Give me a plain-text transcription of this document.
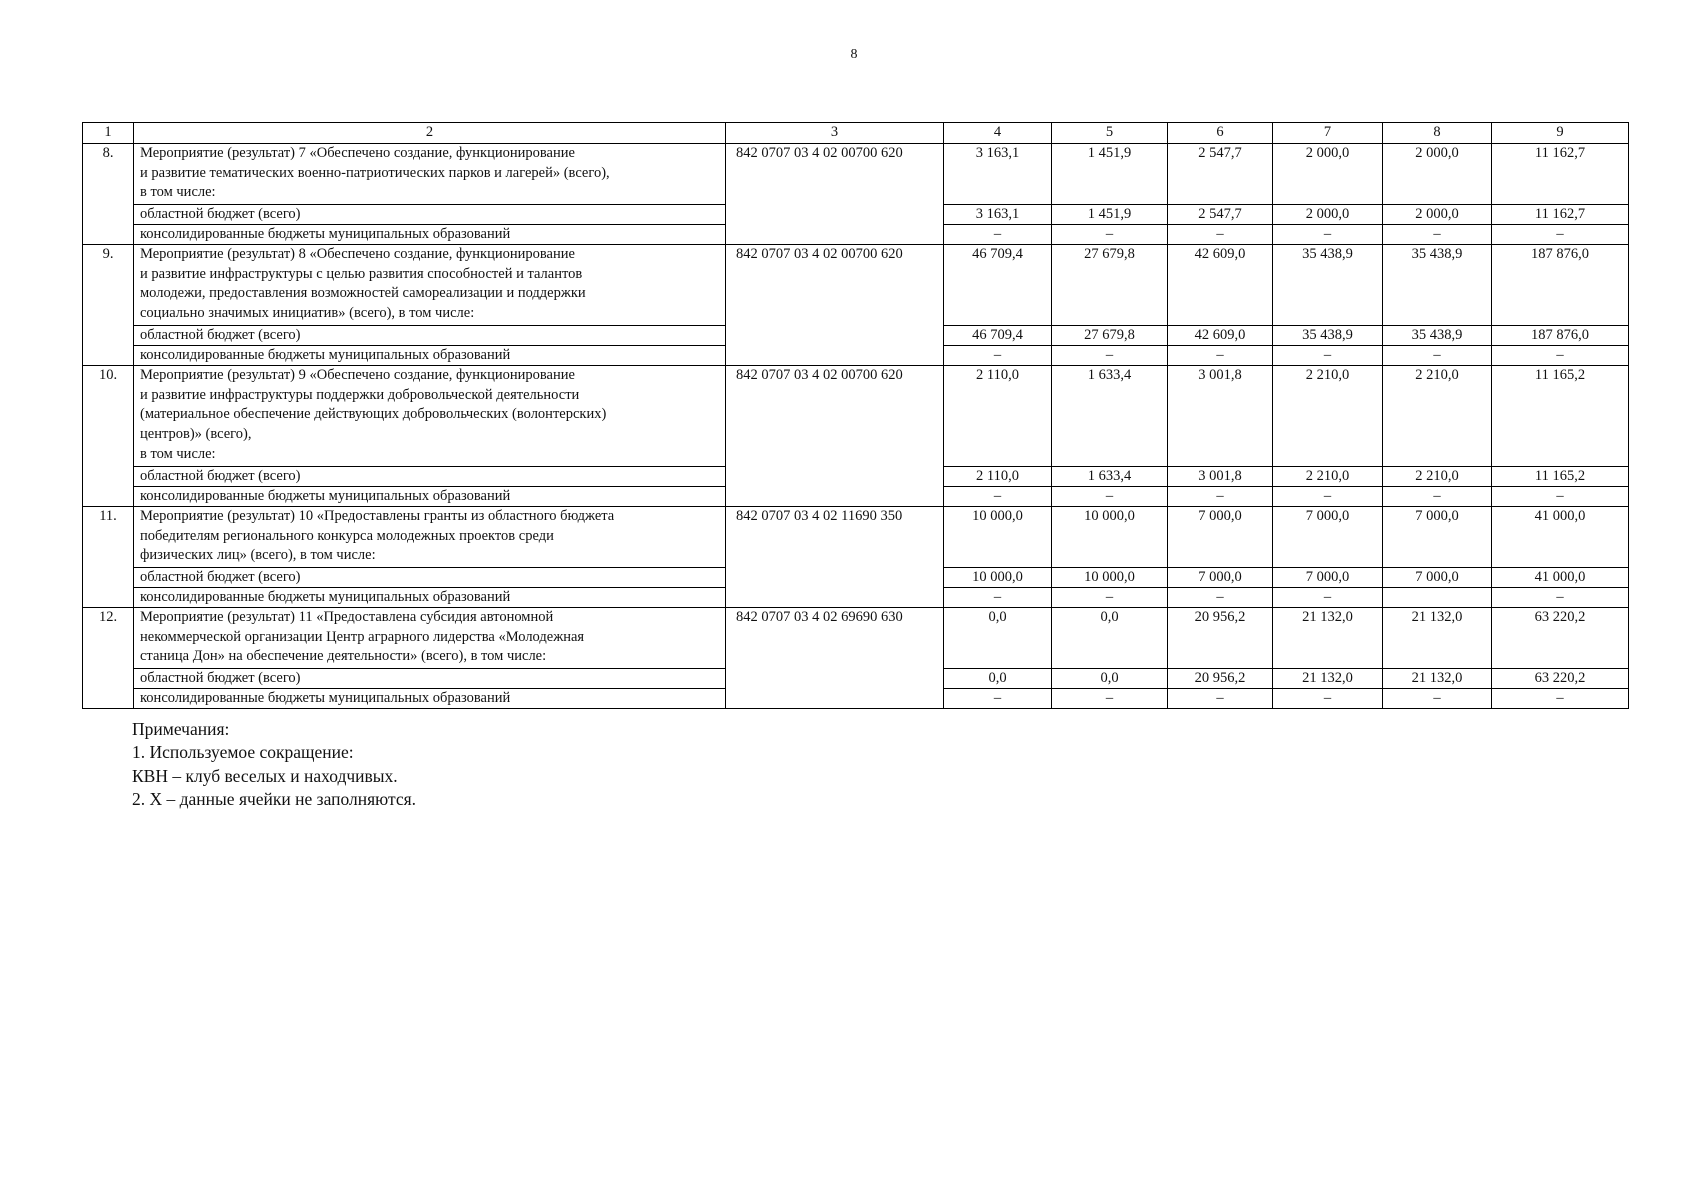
8
1	2	3	4	5	6	7	8	9
8.	Мероприятие (результат) 7 «Обеспечено создание, функционирование
и развитие тематических военно-патриотических парков и лагерей» (всего),
в том числе:	842 0707 03 4 02 00700 620	3 163,1	1 451,9	2 547,7	2 000,0	2 000,0	11 162,7
	областной бюджет (всего)		3 163,1	1 451,9	2 547,7	2 000,0	2 000,0	11 162,7
	консолидированные бюджеты муниципальных образований		–	–	–	–	–	–
9.	Мероприятие (результат) 8 «Обеспечено создание, функционирование
и развитие инфраструктуры с целью развития способностей и талантов
молодежи, предоставления возможностей самореализации и поддержки
социально значимых инициатив» (всего), в том числе:	842 0707 03 4 02 00700 620	46 709,4	27 679,8	42 609,0	35 438,9	35 438,9	187 876,0
	областной бюджет (всего)		46 709,4	27 679,8	42 609,0	35 438,9	35 438,9	187 876,0
	консолидированные бюджеты муниципальных образований		–	–	–	–	–	–
10.	Мероприятие (результат) 9 «Обеспечено создание, функционирование
и развитие инфраструктуры поддержки добровольческой деятельности
(материальное обеспечение действующих добровольческих (волонтерских)
центров)» (всего),
в том числе:	842 0707 03 4 02 00700 620	2 110,0	1 633,4	3 001,8	2 210,0	2 210,0	11 165,2
	областной бюджет (всего)		2 110,0	1 633,4	3 001,8	2 210,0	2 210,0	11 165,2
	консолидированные бюджеты муниципальных образований		–	–	–	–	–	–
11.	Мероприятие (результат) 10 «Предоставлены гранты из областного бюджета
победителям регионального конкурса молодежных проектов среди
физических лиц» (всего), в том числе:	842 0707 03 4 02 11690 350	10 000,0	10 000,0	7 000,0	7 000,0	7 000,0	41 000,0
	областной бюджет (всего)		10 000,0	10 000,0	7 000,0	7 000,0	7 000,0	41 000,0
	консолидированные бюджеты муниципальных образований		–	–	–	–		–
12.	Мероприятие (результат) 11 «Предоставлена субсидия автономной
некоммерческой организации Центр аграрного лидерства «Молодежная
станица Дон» на обеспечение деятельности» (всего), в том числе:	842 0707 03 4 02 69690 630	0,0	0,0	20 956,2	21 132,0	21 132,0	63 220,2
	областной бюджет (всего)		0,0	0,0	20 956,2	21 132,0	21 132,0	63 220,2
	консолидированные бюджеты муниципальных образований		–	–	–	–	–	–
Примечания:
1. Используемое сокращение:
КВН – клуб веселых и находчивых.
2. Х – данные ячейки не заполняются.
